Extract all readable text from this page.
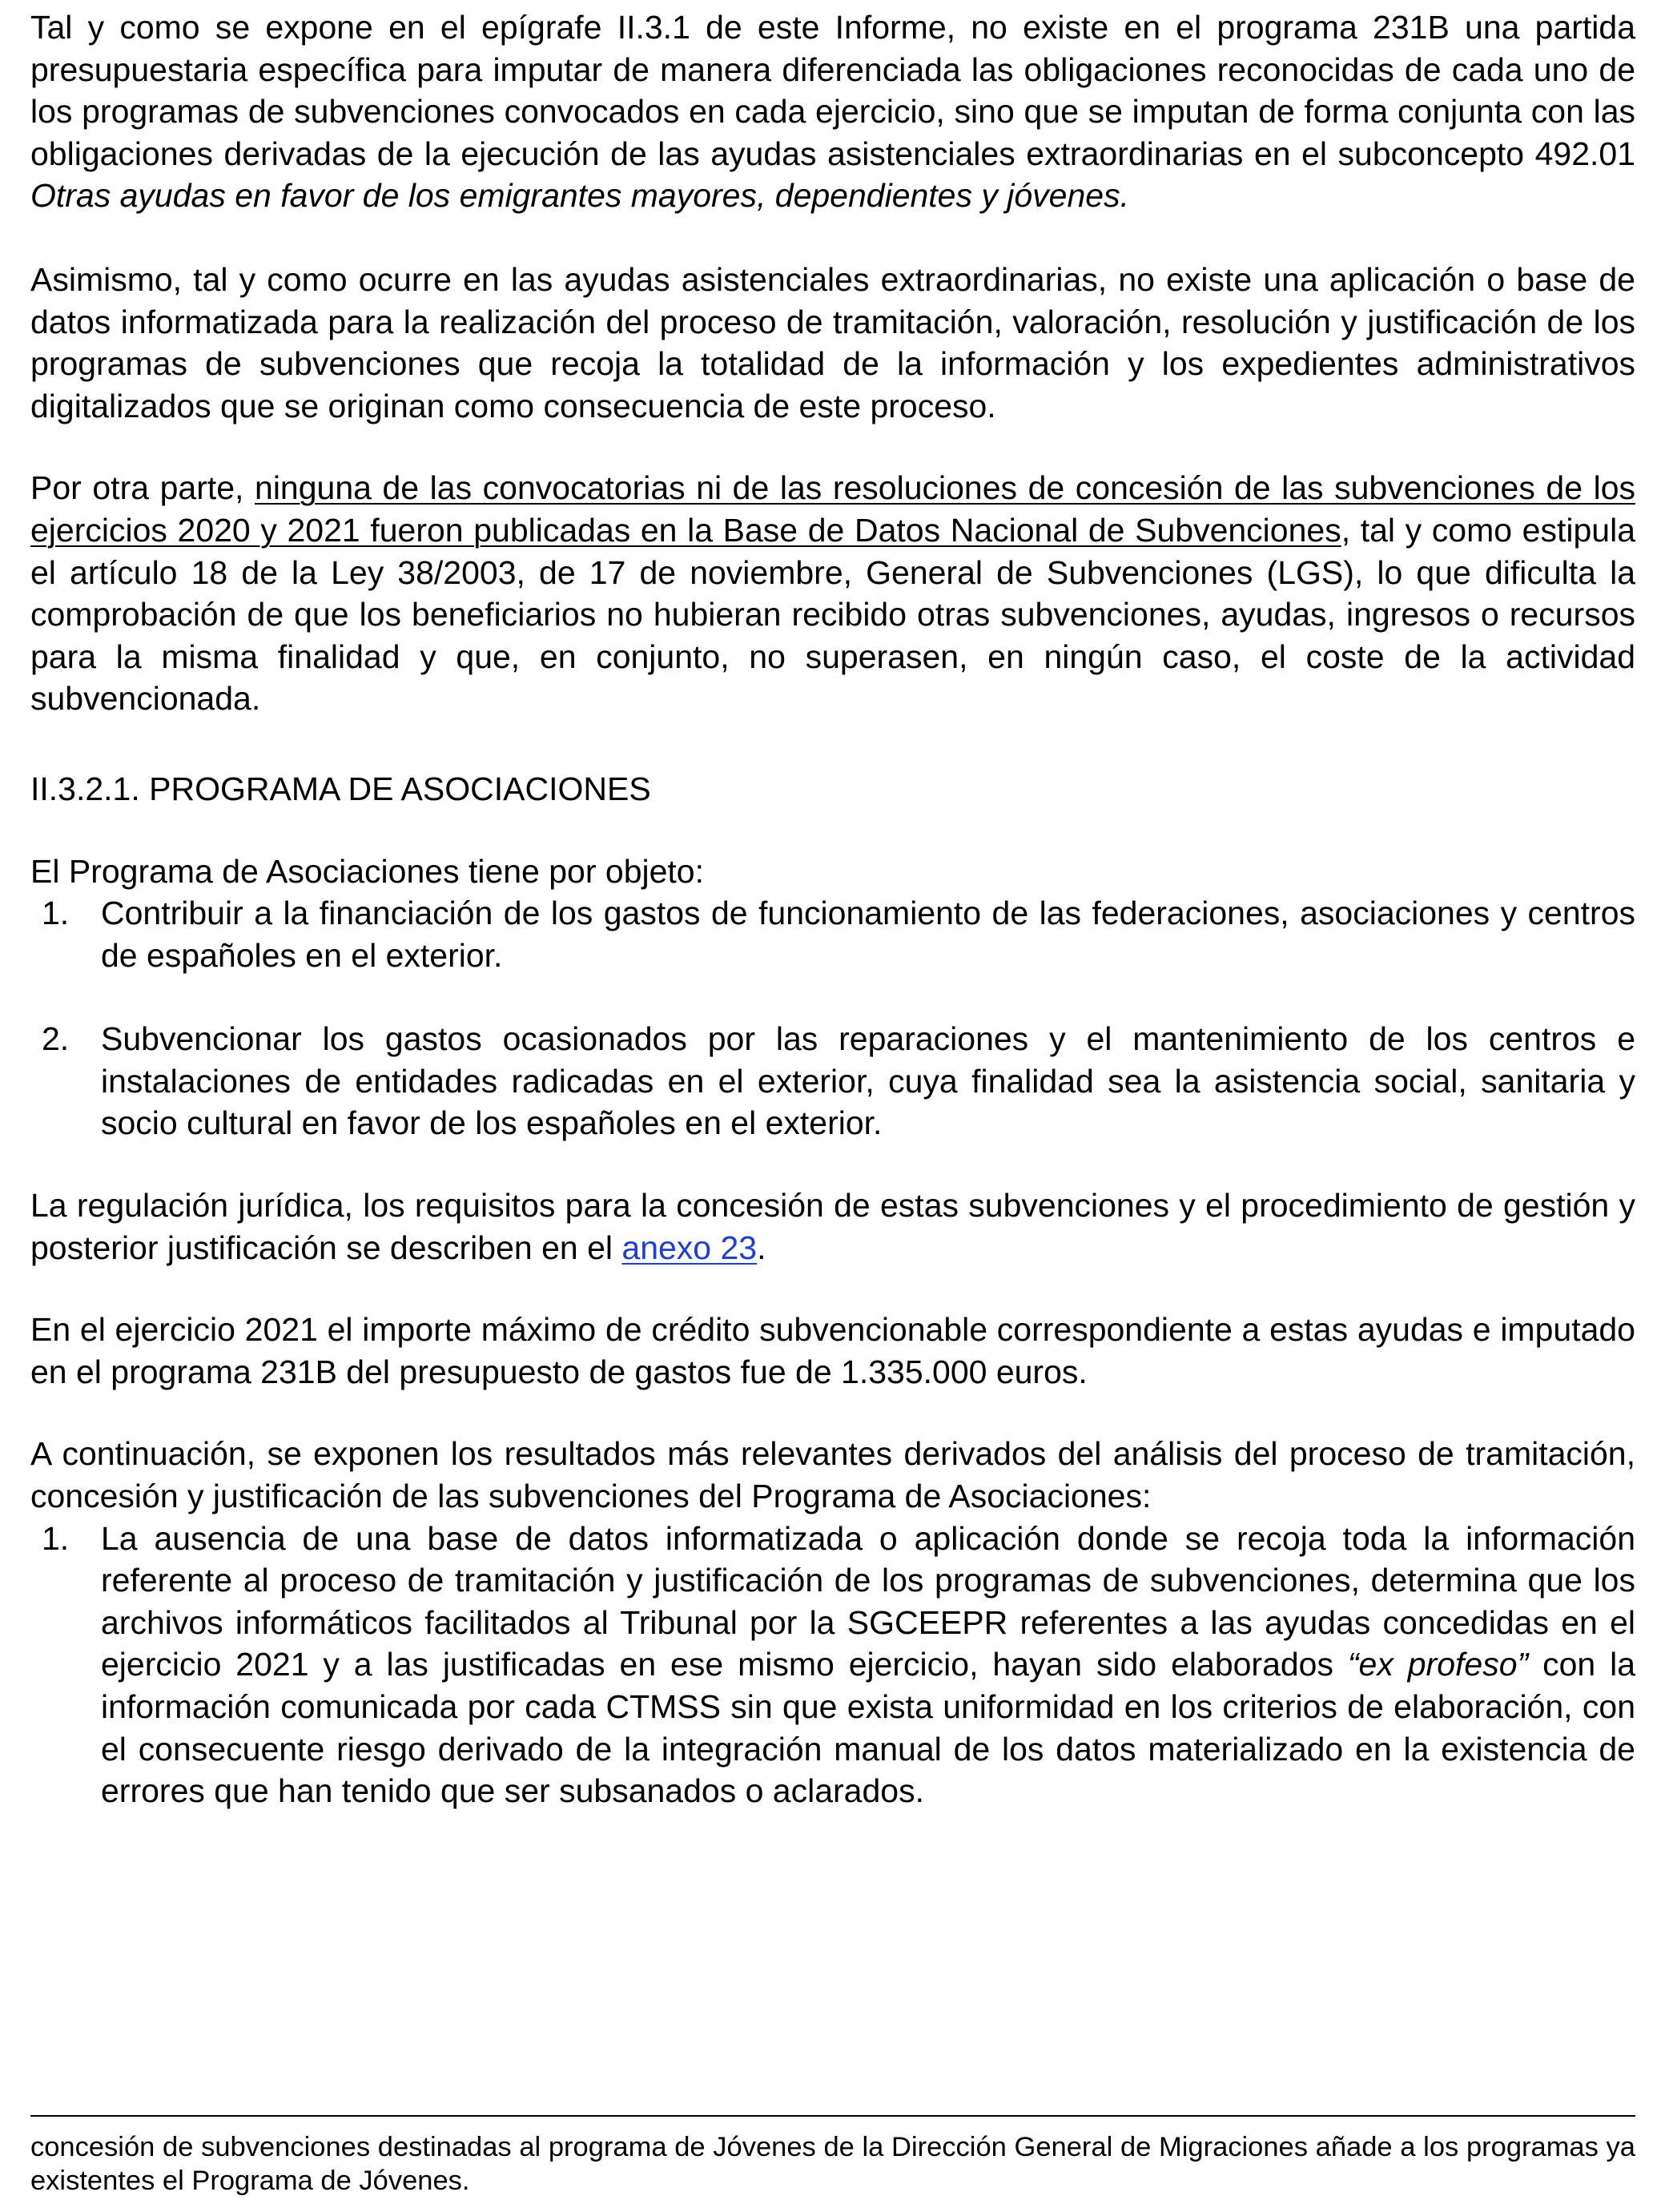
Tal y como se expone en el epígrafe II.3.1 de este Informe, no existe en el programa 231B una partida presupuestaria específica para imputar de manera diferenciada las obligaciones reconocidas de cada uno de los programas de subvenciones convocados en cada ejercicio, sino que se imputan de forma conjunta con las obligaciones derivadas de la ejecución de las ayudas asistenciales extraordinarias en el subconcepto 492.01 Otras ayudas en favor de los emigrantes mayores, dependientes y jóvenes.

Asimismo, tal y como ocurre en las ayudas asistenciales extraordinarias, no existe una aplicación o base de datos informatizada para la realización del proceso de tramitación, valoración, resolución y justificación de los programas de subvenciones que recoja la totalidad de la información y los expedientes administrativos digitalizados que se originan como consecuencia de este proceso.

Por otra parte, ninguna de las convocatorias ni de las resoluciones de concesión de las subvenciones de los ejercicios 2020 y 2021 fueron publicadas en la Base de Datos Nacional de Subvenciones, tal y como estipula el artículo 18 de la Ley 38/2003, de 17 de noviembre, General de Subvenciones (LGS), lo que dificulta la comprobación de que los beneficiarios no hubieran recibido otras subvenciones, ayudas, ingresos o recursos para la misma finalidad y que, en conjunto, no superasen, en ningún caso, el coste de la actividad subvencionada.

II.3.2.1. PROGRAMA DE ASOCIACIONES

El Programa de Asociaciones tiene por objeto:

1. Contribuir a la financiación de los gastos de funcionamiento de las federaciones, asociaciones y centros de españoles en el exterior.
2. Subvencionar los gastos ocasionados por las reparaciones y el mantenimiento de los centros e instalaciones de entidades radicadas en el exterior, cuya finalidad sea la asistencia social, sanitaria y socio cultural en favor de los españoles en el exterior.

La regulación jurídica, los requisitos para la concesión de estas subvenciones y el procedimiento de gestión y posterior justificación se describen en el anexo 23.

En el ejercicio 2021 el importe máximo de crédito subvencionable correspondiente a estas ayudas e imputado en el programa 231B del presupuesto de gastos fue de 1.335.000 euros.

A continuación, se exponen los resultados más relevantes derivados del análisis del proceso de tramitación, concesión y justificación de las subvenciones del Programa de Asociaciones:

1. La ausencia de una base de datos informatizada o aplicación donde se recoja toda la información referente al proceso de tramitación y justificación de los programas de subvenciones, determina que los archivos informáticos facilitados al Tribunal por la SGCEEPR referentes a las ayudas concedidas en el ejercicio 2021 y a las justificadas en ese mismo ejercicio, hayan sido elaborados “ex profeso” con la información comunicada por cada CTMSS sin que exista uniformidad en los criterios de elaboración, con el consecuente riesgo derivado de la integración manual de los datos materializado en la existencia de errores que han tenido que ser subsanados o aclarados.

concesión de subvenciones destinadas al programa de Jóvenes de la Dirección General de Migraciones añade a los programas ya existentes el Programa de Jóvenes.
